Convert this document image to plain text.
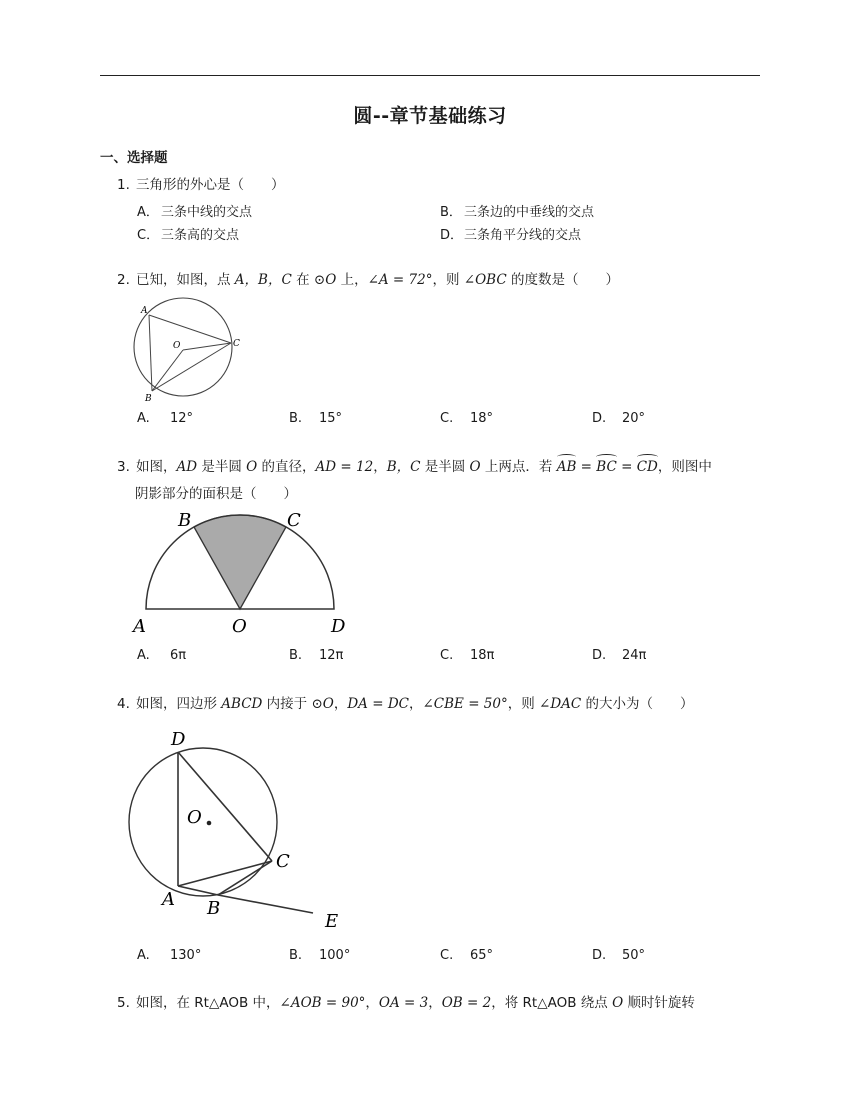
圆--章节基础练习
一、选择题
1. 三角形的外心是（　　）
A． 三条中线的交点	B． 三条边的中垂线的交点
C． 三条高的交点	D．三条角平分线的交点
2. 已知，如图，点 A，B，C 在 ⊙O 上，∠A = 72°，则 ∠OBC 的度数是（　　）
A
O	C
B
A. 12°	B. 15°	C. 18°	D. 20°
3. 如图，AD 是半圆 O 的直径，AD = 12，B，C 是半圆 O 上两点．若 AB = BC = CD，则图中
阴影部分的面积是（　　）
A	O	D
B	C
A. 6π	B. 12π	C. 18π	D. 24π
4. 如图，四边形 ABCD 内接于 ⊙O，DA = DC，∠CBE = 50°，则 ∠DAC 的大小为（　　）
D
O
C
A B
E
A. 130°	B. 100°	C. 65°	D. 50°
5. 如图，在 Rt△AOB 中，∠AOB = 90°，OA = 3，OB = 2，将 Rt△AOB 绕点 O 顺时针旋转
